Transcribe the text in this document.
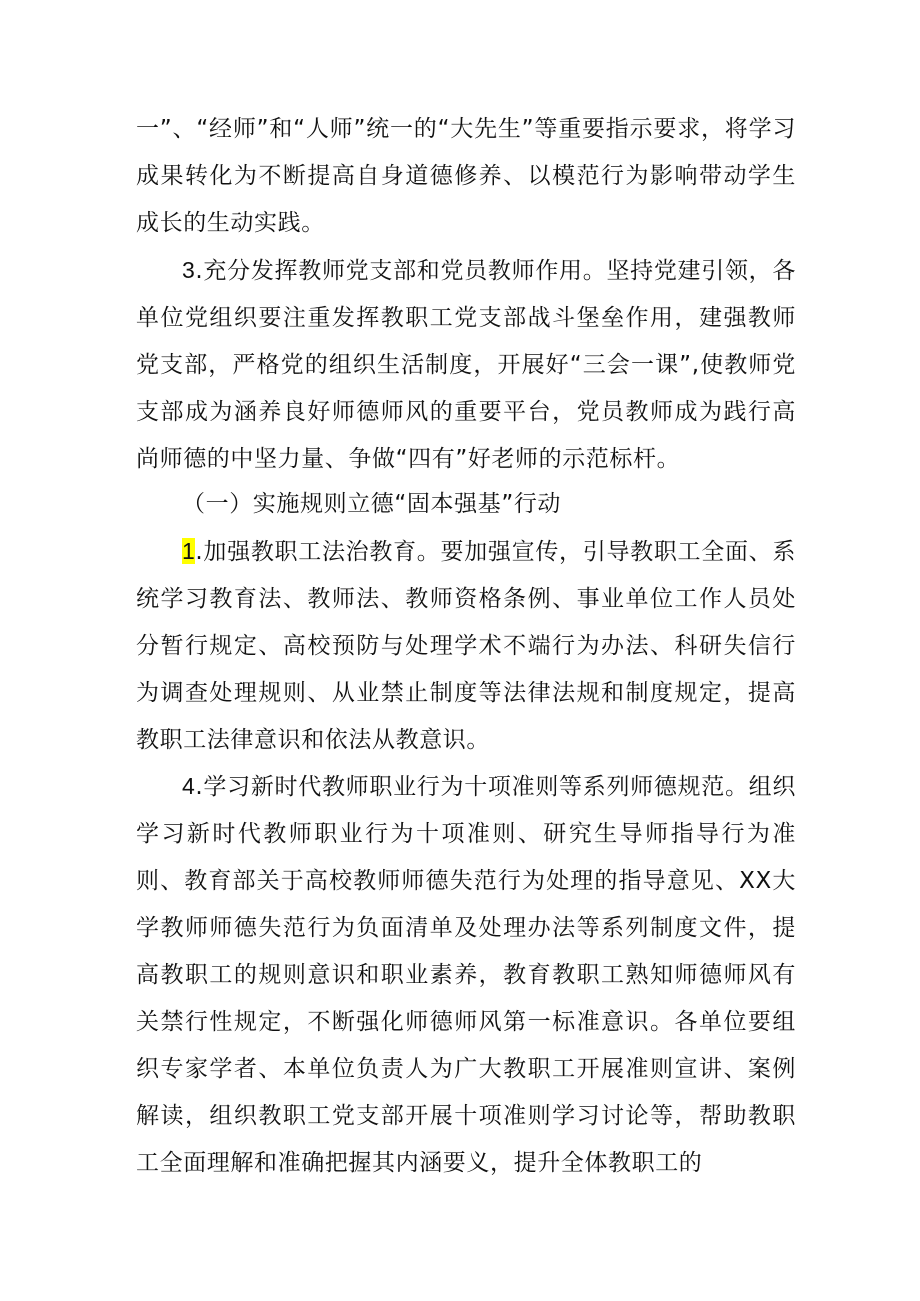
一”、“经师”和“人师”统一的“大先生”等重要指示要求，将学习成果转化为不断提高自身道德修养、以模范行为影响带动学生成长的生动实践。

3.充分发挥教师党支部和党员教师作用。坚持党建引领，各单位党组织要注重发挥教职工党支部战斗堡垒作用，建强教师党支部，严格党的组织生活制度，开展好“三会一课”,使教师党支部成为涵养良好师德师风的重要平台，党员教师成为践行高尚师德的中坚力量、争做“四有”好老师的示范标杆。

（一）实施规则立德“固本强基”行动

1.加强教职工法治教育。要加强宣传，引导教职工全面、系统学习教育法、教师法、教师资格条例、事业单位工作人员处分暂行规定、高校预防与处理学术不端行为办法、科研失信行为调查处理规则、从业禁止制度等法律法规和制度规定，提高教职工法律意识和依法从教意识。

4.学习新时代教师职业行为十项准则等系列师德规范。组织学习新时代教师职业行为十项准则、研究生导师指导行为准则、教育部关于高校教师师德失范行为处理的指导意见、XX大学教师师德失范行为负面清单及处理办法等系列制度文件，提高教职工的规则意识和职业素养，教育教职工熟知师德师风有关禁行性规定，不断强化师德师风第一标准意识。各单位要组织专家学者、本单位负责人为广大教职工开展准则宣讲、案例解读，组织教职工党支部开展十项准则学习讨论等，帮助教职工全面理解和准确把握其内涵要义，提升全体教职工的
